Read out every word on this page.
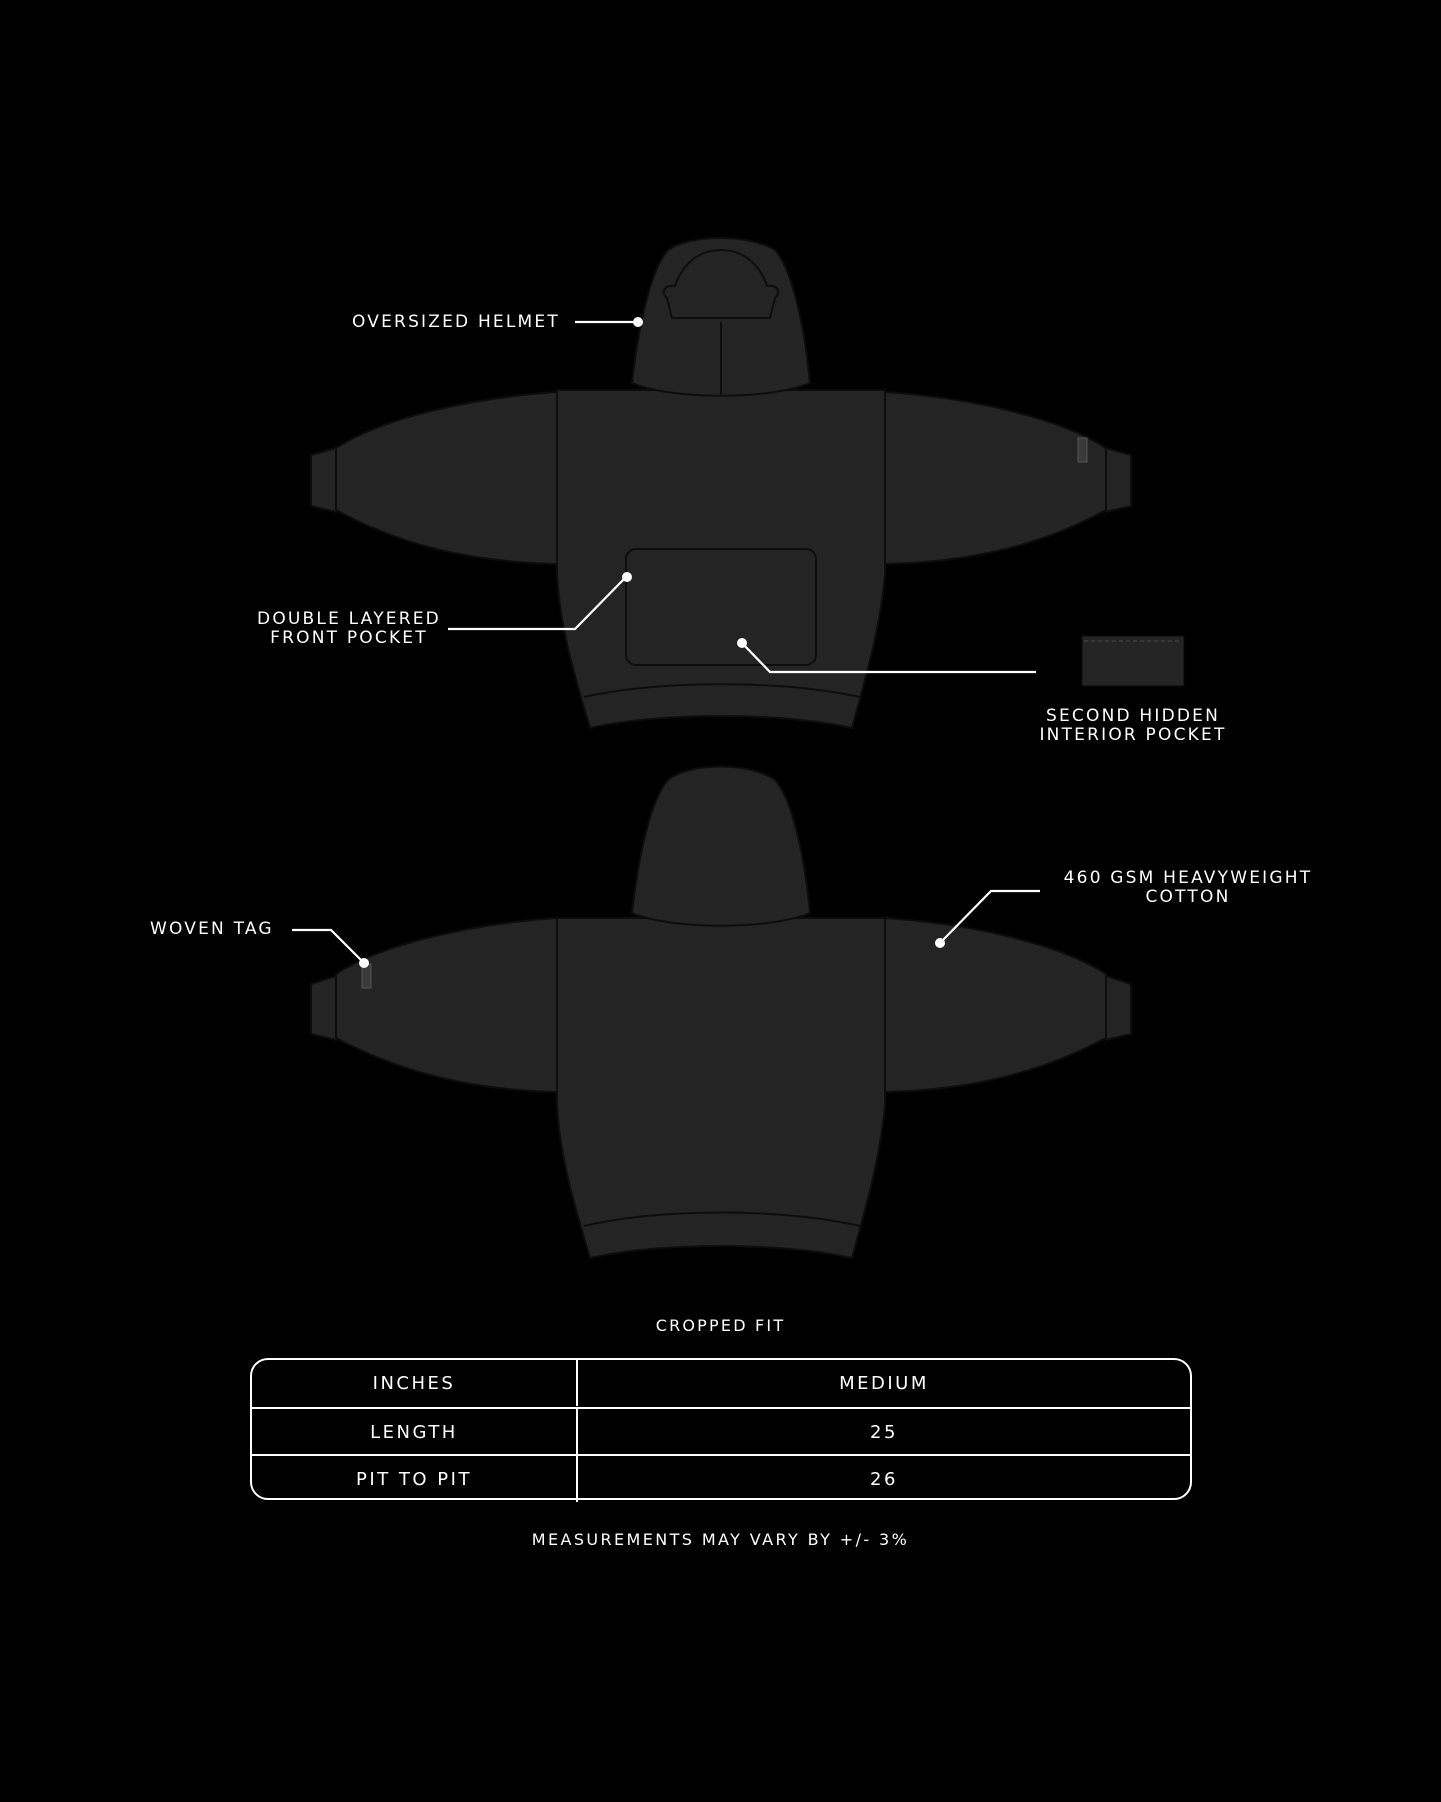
OVERSIZED HELMET
DOUBLE LAYERED
FRONT POCKET
SECOND HIDDEN
INTERIOR POCKET
WOVEN TAG
460 GSM HEAVYWEIGHT
COTTON
CROPPED FIT
INCHES	MEDIUM
LENGTH	25
PIT TO PIT	26
MEASUREMENTS MAY VARY BY +/- 3%
